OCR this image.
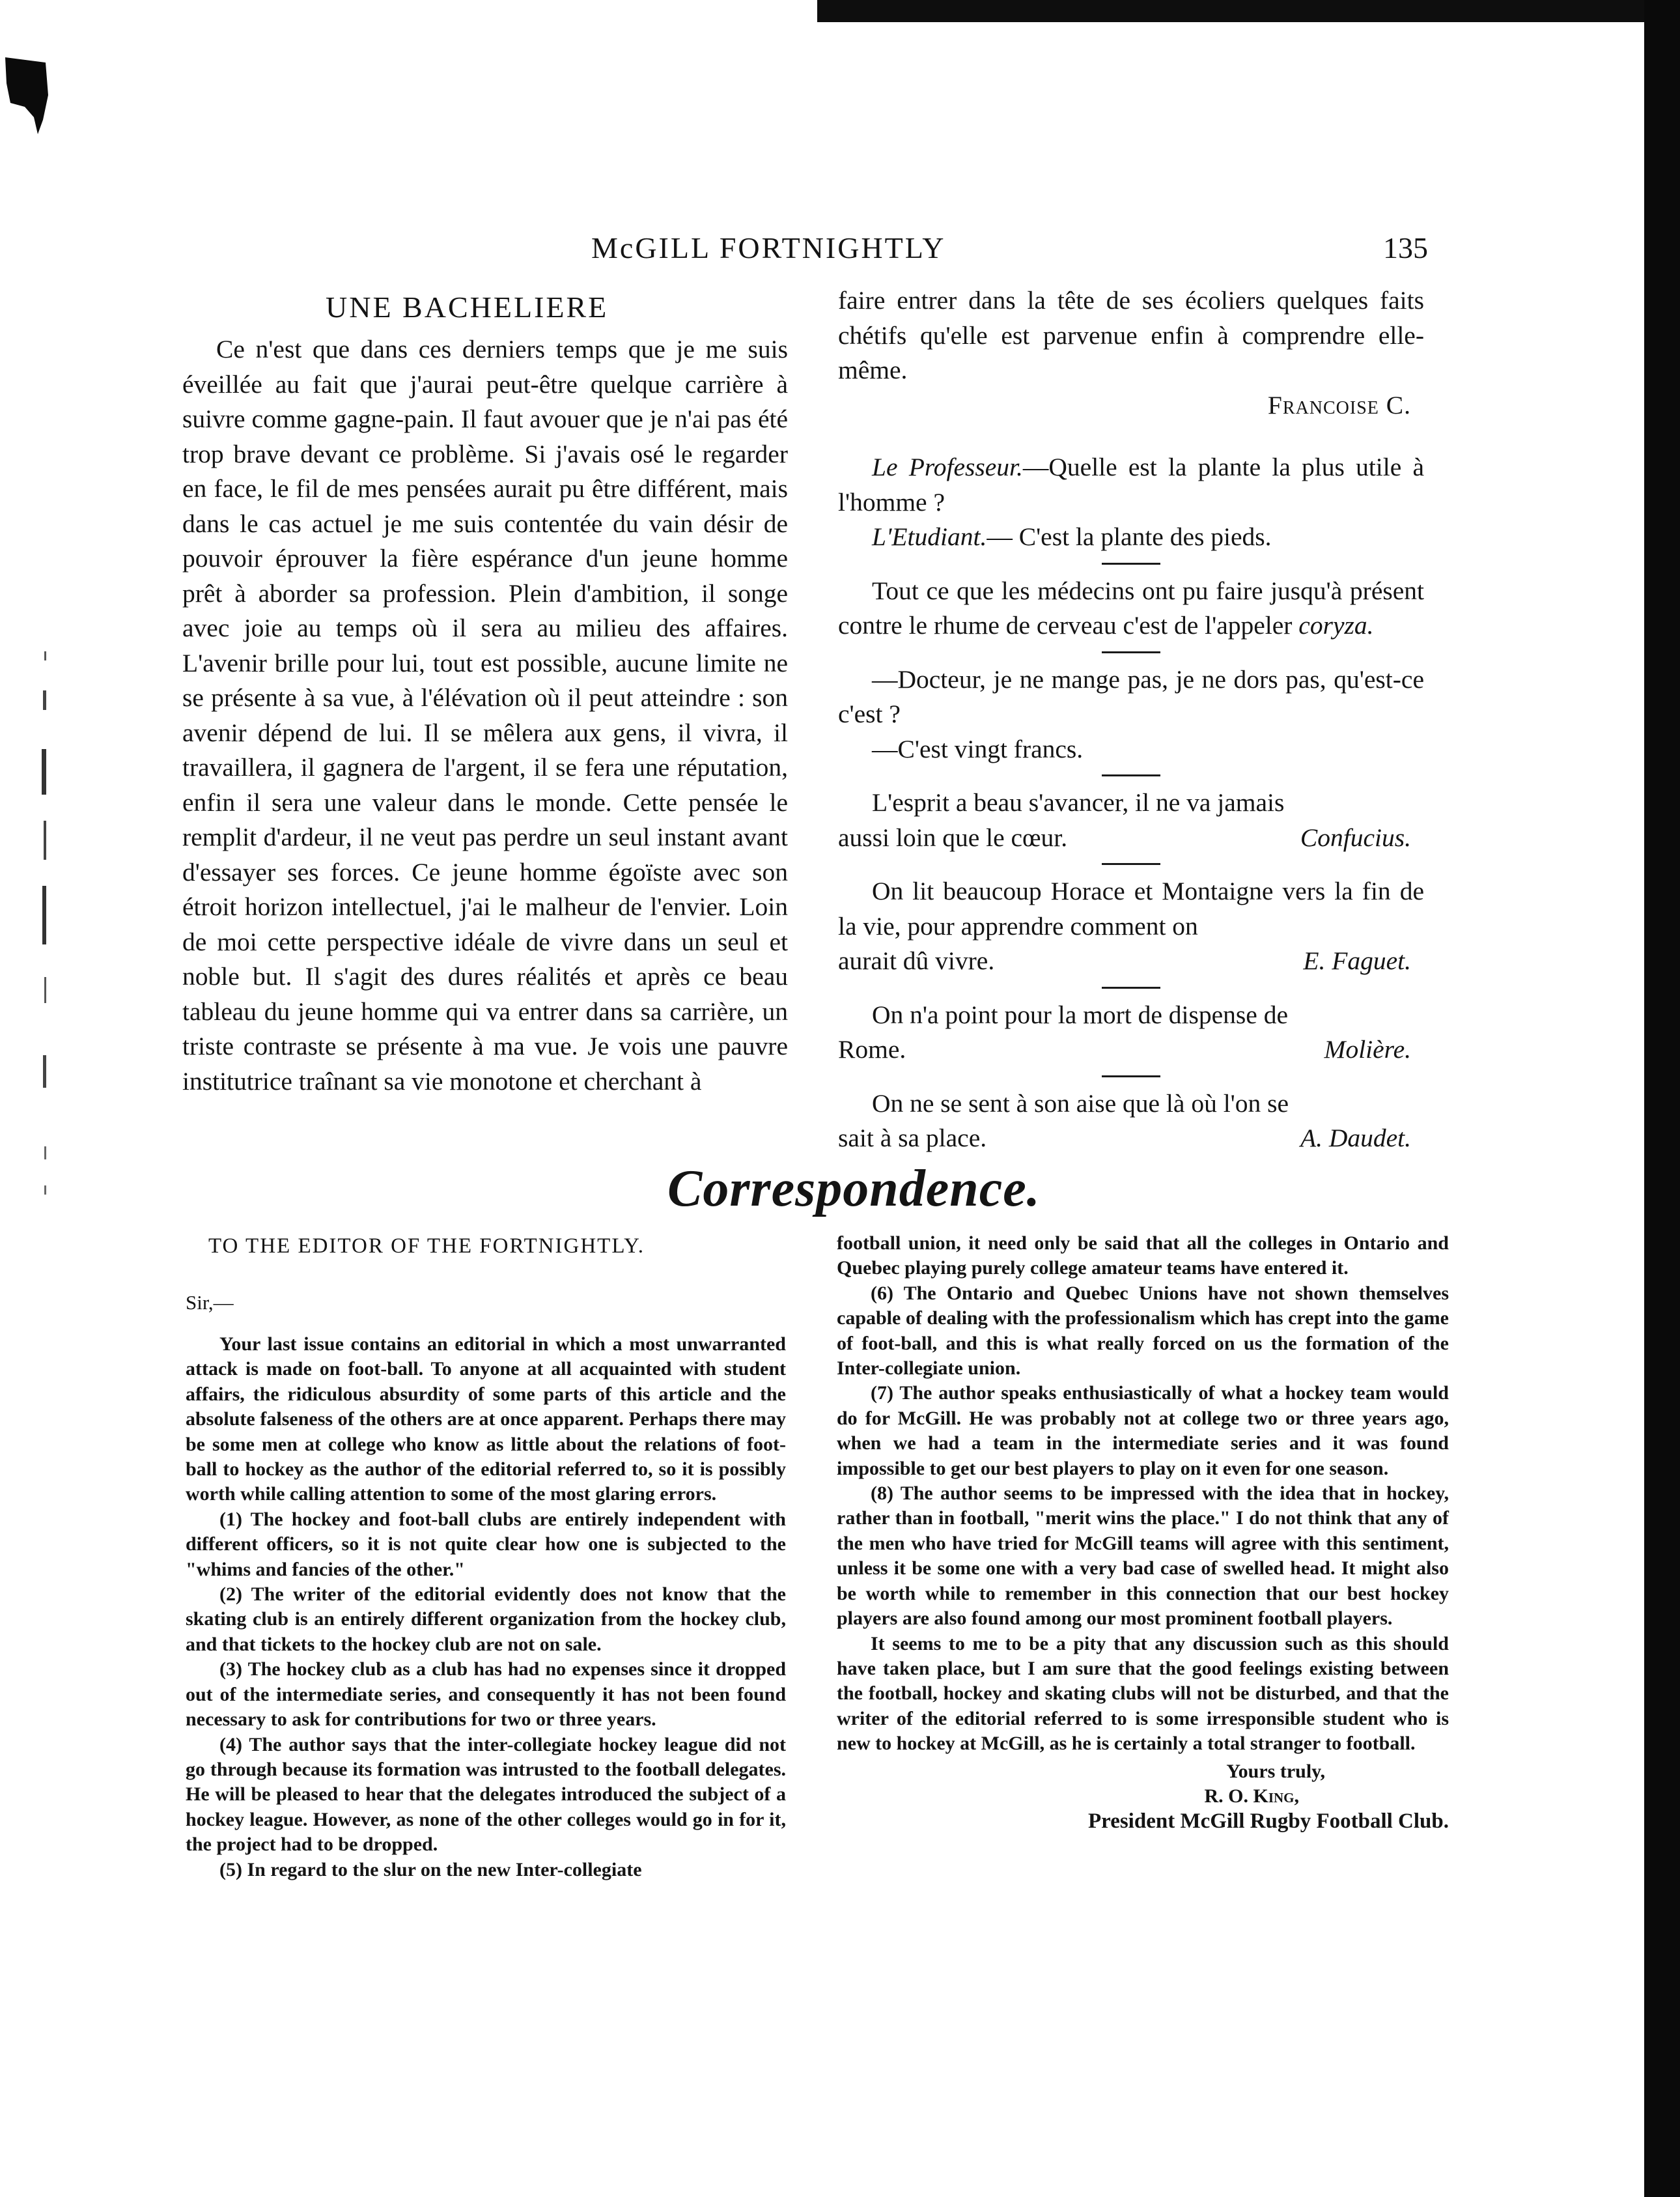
McGILL FORTNIGHTLY	135
UNE BACHELIERE

Ce n'est que dans ces derniers temps que je me suis éveillée au fait que j'aurai peut-être quelque carrière à suivre comme gagne-pain. Il faut avouer que je n'ai pas été trop brave devant ce problème. Si j'avais osé le regarder en face, le fil de mes pensées aurait pu être différent, mais dans le cas actuel je me suis contentée du vain désir de pouvoir éprouver la fière espérance d'un jeune homme prêt à aborder sa profession. Plein d'ambition, il songe avec joie au temps où il sera au milieu des affaires. L'avenir brille pour lui, tout est possible, aucune limite ne se présente à sa vue, à l'élévation où il peut atteindre : son avenir dépend de lui. Il se mêlera aux gens, il vivra, il travaillera, il gagnera de l'argent, il se fera une réputation, enfin il sera une valeur dans le monde. Cette pensée le remplit d'ardeur, il ne veut pas perdre un seul instant avant d'essayer ses forces. Ce jeune homme égoïste avec son étroit horizon intellectuel, j'ai le malheur de l'envier. Loin de moi cette perspective idéale de vivre dans un seul et noble but. Il s'agit des dures réalités et après ce beau tableau du jeune homme qui va entrer dans sa carrière, un triste contraste se présente à ma vue. Je vois une pauvre institutrice traînant sa vie monotone et cherchant à

faire entrer dans la tête de ses écoliers quelques faits chétifs qu'elle est parvenue enfin à comprendre elle-même.

Francoise C.

Le Professeur.—Quelle est la plante la plus utile à l'homme ?

L'Etudiant.— C'est la plante des pieds.

Tout ce que les médecins ont pu faire jusqu'à présent contre le rhume de cerveau c'est de l'appeler coryza.

—Docteur, je ne mange pas, je ne dors pas, qu'est-ce c'est ?

—C'est vingt francs.

L'esprit a beau s'avancer, il ne va jamais

aussi loin que le cœur.	Confucius.

On lit beaucoup Horace et Montaigne vers la fin de la vie, pour apprendre comment on

aurait dû vivre.	E. Faguet.

On n'a point pour la mort de dispense de

Rome.	Molière.

On ne se sent à son aise que là où l'on se

sait à sa place.	A. Daudet.

Correspondence.
TO THE EDITOR OF THE FORTNIGHTLY.
Sir,—

Your last issue contains an editorial in which a most unwarranted attack is made on foot-ball. To anyone at all acquainted with student affairs, the ridiculous absurdity of some parts of this article and the absolute falseness of the others are at once apparent. Perhaps there may be some men at college who know as little about the relations of foot-ball to hockey as the author of the editorial referred to, so it is possibly worth while calling attention to some of the most glaring errors.

(1) The hockey and foot-ball clubs are entirely independent with different officers, so it is not quite clear how one is subjected to the "whims and fancies of the other."

(2) The writer of the editorial evidently does not know that the skating club is an entirely different organization from the hockey club, and that tickets to the hockey club are not on sale.

(3) The hockey club as a club has had no expenses since it dropped out of the intermediate series, and consequently it has not been found necessary to ask for contributions for two or three years.

(4) The author says that the inter-collegiate hockey league did not go through because its formation was intrusted to the football delegates. He will be pleased to hear that the delegates introduced the subject of a hockey league. However, as none of the other colleges would go in for it, the project had to be dropped.

(5) In regard to the slur on the new Inter-collegiate

football union, it need only be said that all the colleges in Ontario and Quebec playing purely college amateur teams have entered it.

(6) The Ontario and Quebec Unions have not shown themselves capable of dealing with the professionalism which has crept into the game of foot-ball, and this is what really forced on us the formation of the Inter-collegiate union.

(7) The author speaks enthusiastically of what a hockey team would do for McGill. He was probably not at college two or three years ago, when we had a team in the intermediate series and it was found impossible to get our best players to play on it even for one season.

(8) The author seems to be impressed with the idea that in hockey, rather than in football, "merit wins the place." I do not think that any of the men who have tried for McGill teams will agree with this sentiment, unless it be some one with a very bad case of swelled head. It might also be worth while to remember in this connection that our best hockey players are also found among our most prominent football players.

It seems to me to be a pity that any discussion such as this should have taken place, but I am sure that the good feelings existing between the football, hockey and skating clubs will not be disturbed, and that the writer of the editorial referred to is some irresponsible student who is new to hockey at McGill, as he is certainly a total stranger to football.

Yours truly,

R. O. King,

President McGill Rugby Football Club.
